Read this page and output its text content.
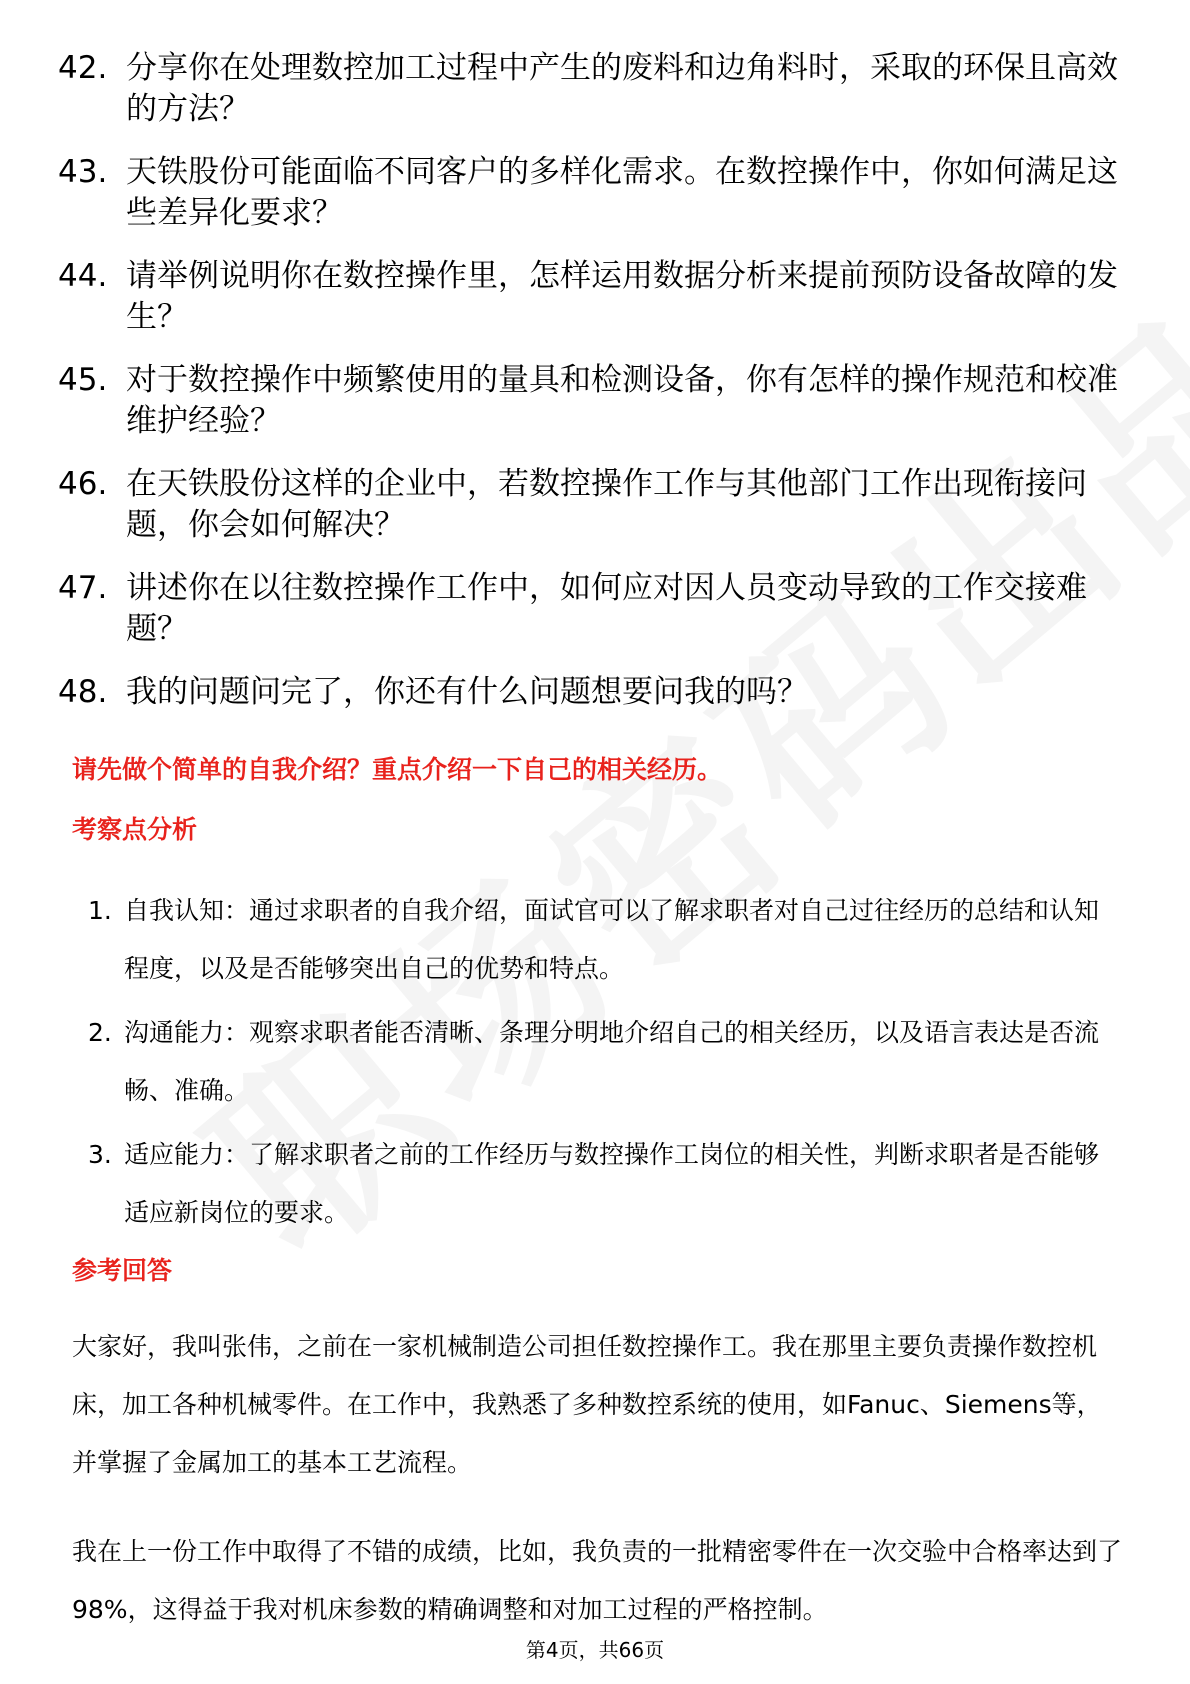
42. 分享你在处理数控加工过程中产生的废料和边角料时，采取的环保且高效的方法？
43. 天铁股份可能面临不同客户的多样化需求。在数控操作中，你如何满足这些差异化要求？
44. 请举例说明你在数控操作里，怎样运用数据分析来提前预防设备故障的发生？
45. 对于数控操作中频繁使用的量具和检测设备，你有怎样的操作规范和校准维护经验？
46. 在天铁股份这样的企业中，若数控操作工作与其他部门工作出现衔接问题，你会如何解决？
47. 讲述你在以往数控操作工作中，如何应对因人员变动导致的工作交接难题？
48. 我的问题问完了，你还有什么问题想要问我的吗？
请先做个简单的自我介绍？重点介绍一下自己的相关经历。
考察点分析
1. 自我认知：通过求职者的自我介绍，面试官可以了解求职者对自己过往经历的总结和认知程度，以及是否能够突出自己的优势和特点。
2. 沟通能力：观察求职者能否清晰、条理分明地介绍自己的相关经历，以及语言表达是否流畅、准确。
3. 适应能力：了解求职者之前的工作经历与数控操作工岗位的相关性，判断求职者是否能够适应新岗位的要求。
参考回答
大家好，我叫张伟，之前在一家机械制造公司担任数控操作工。我在那里主要负责操作数控机床，加工各种机械零件。在工作中，我熟悉了多种数控系统的使用，如Fanuc、Siemens等，并掌握了金属加工的基本工艺流程。
我在上一份工作中取得了不错的成绩，比如，我负责的一批精密零件在一次交验中合格率达到了98%，这得益于我对机床参数的精确调整和对加工过程的严格控制。
第4页，共66页
